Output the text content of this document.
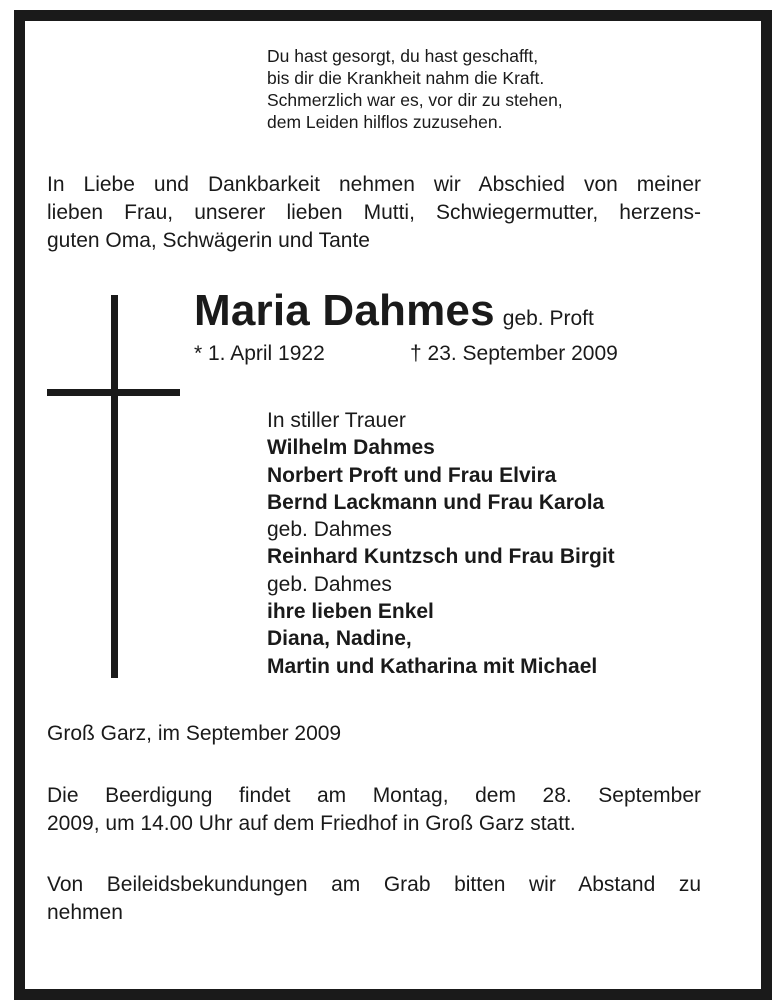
Du hast gesorgt, du hast geschafft,
bis dir die Krankheit nahm die Kraft.
Schmerzlich war es, vor dir zu stehen,
dem Leiden hilflos zuzusehen.
In Liebe und Dankbarkeit nehmen wir Abschied von meiner
lieben Frau, unserer lieben Mutti, Schwiegermutter, herzens-
guten Oma, Schwägerin und Tante
Maria Dahmes geb. Proft
* 1. April 1922	† 23. September 2009
In stiller Trauer
Wilhelm Dahmes
Norbert Proft und Frau Elvira
Bernd Lackmann und Frau Karola
geb. Dahmes
Reinhard Kuntzsch und Frau Birgit
geb. Dahmes
ihre lieben Enkel
Diana, Nadine,
Martin und Katharina mit Michael
Groß Garz, im September 2009
Die Beerdigung findet am Montag, dem 28. September
2009, um 14.00 Uhr auf dem Friedhof in Groß Garz statt.
Von Beileidsbekundungen am Grab bitten wir Abstand zu
nehmen
